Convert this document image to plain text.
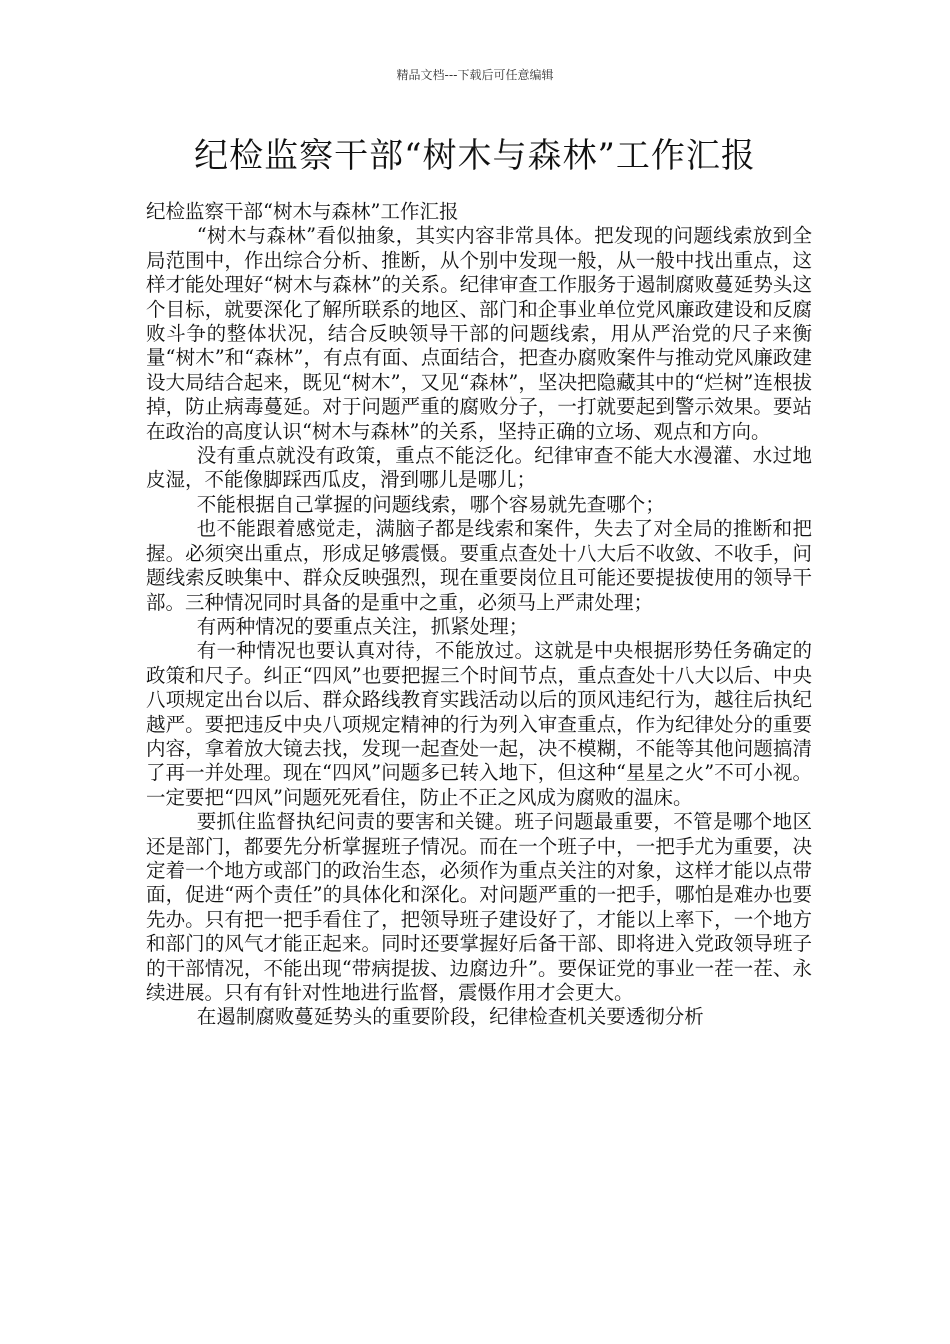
精品文档---下载后可任意编辑
纪检监察干部“树木与森林”工作汇报

纪检监察干部“树木与森林”工作汇报

“树木与森林”看似抽象，其实内容非常具体。把发现的问题线索放到全局范围中，作出综合分析、推断，从个别中发现一般，从一般中找出重点，这样才能处理好“树木与森林”的关系。纪律审查工作服务于遏制腐败蔓延势头这个目标，就要深化了解所联系的地区、部门和企事业单位党风廉政建设和反腐败斗争的整体状况，结合反映领导干部的问题线索，用从严治党的尺子来衡量“树木”和“森林”，有点有面、点面结合，把查办腐败案件与推动党风廉政建设大局结合起来，既见“树木”，又见“森林”，坚决把隐藏其中的“烂树”连根拔掉，防止病毒蔓延。对于问题严重的腐败分子，一打就要起到警示效果。要站在政治的高度认识“树木与森林”的关系，坚持正确的立场、观点和方向。

没有重点就没有政策，重点不能泛化。纪律审查不能大水漫灌、水过地皮湿，不能像脚踩西瓜皮，滑到哪儿是哪儿；

不能根据自己掌握的问题线索，哪个容易就先查哪个；

也不能跟着感觉走，满脑子都是线索和案件，失去了对全局的推断和把握。必须突出重点，形成足够震慑。要重点查处十八大后不收敛、不收手，问题线索反映集中、群众反映强烈，现在重要岗位且可能还要提拔使用的领导干部。三种情况同时具备的是重中之重，必须马上严肃处理；

有两种情况的要重点关注，抓紧处理；

有一种情况也要认真对待，不能放过。这就是中央根据形势任务确定的政策和尺子。纠正“四风”也要把握三个时间节点，重点查处十八大以后、中央八项规定出台以后、群众路线教育实践活动以后的顶风违纪行为，越往后执纪越严。要把违反中央八项规定精神的行为列入审查重点，作为纪律处分的重要内容，拿着放大镜去找，发现一起查处一起，决不模糊，不能等其他问题搞清了再一并处理。现在“四风”问题多已转入地下，但这种“星星之火”不可小视。一定要把“四风”问题死死看住，防止不正之风成为腐败的温床。

要抓住监督执纪问责的要害和关键。班子问题最重要，不管是哪个地区还是部门，都要先分析掌握班子情况。而在一个班子中，一把手尤为重要，决定着一个地方或部门的政治生态，必须作为重点关注的对象，这样才能以点带面，促进“两个责任”的具体化和深化。对问题严重的一把手，哪怕是难办也要先办。只有把一把手看住了，把领导班子建设好了，才能以上率下，一个地方和部门的风气才能正起来。同时还要掌握好后备干部、即将进入党政领导班子的干部情况，不能出现“带病提拔、边腐边升”。要保证党的事业一茬一茬、永续进展。只有有针对性地进行监督，震慑作用才会更大。

在遏制腐败蔓延势头的重要阶段，纪律检查机关要透彻分析
